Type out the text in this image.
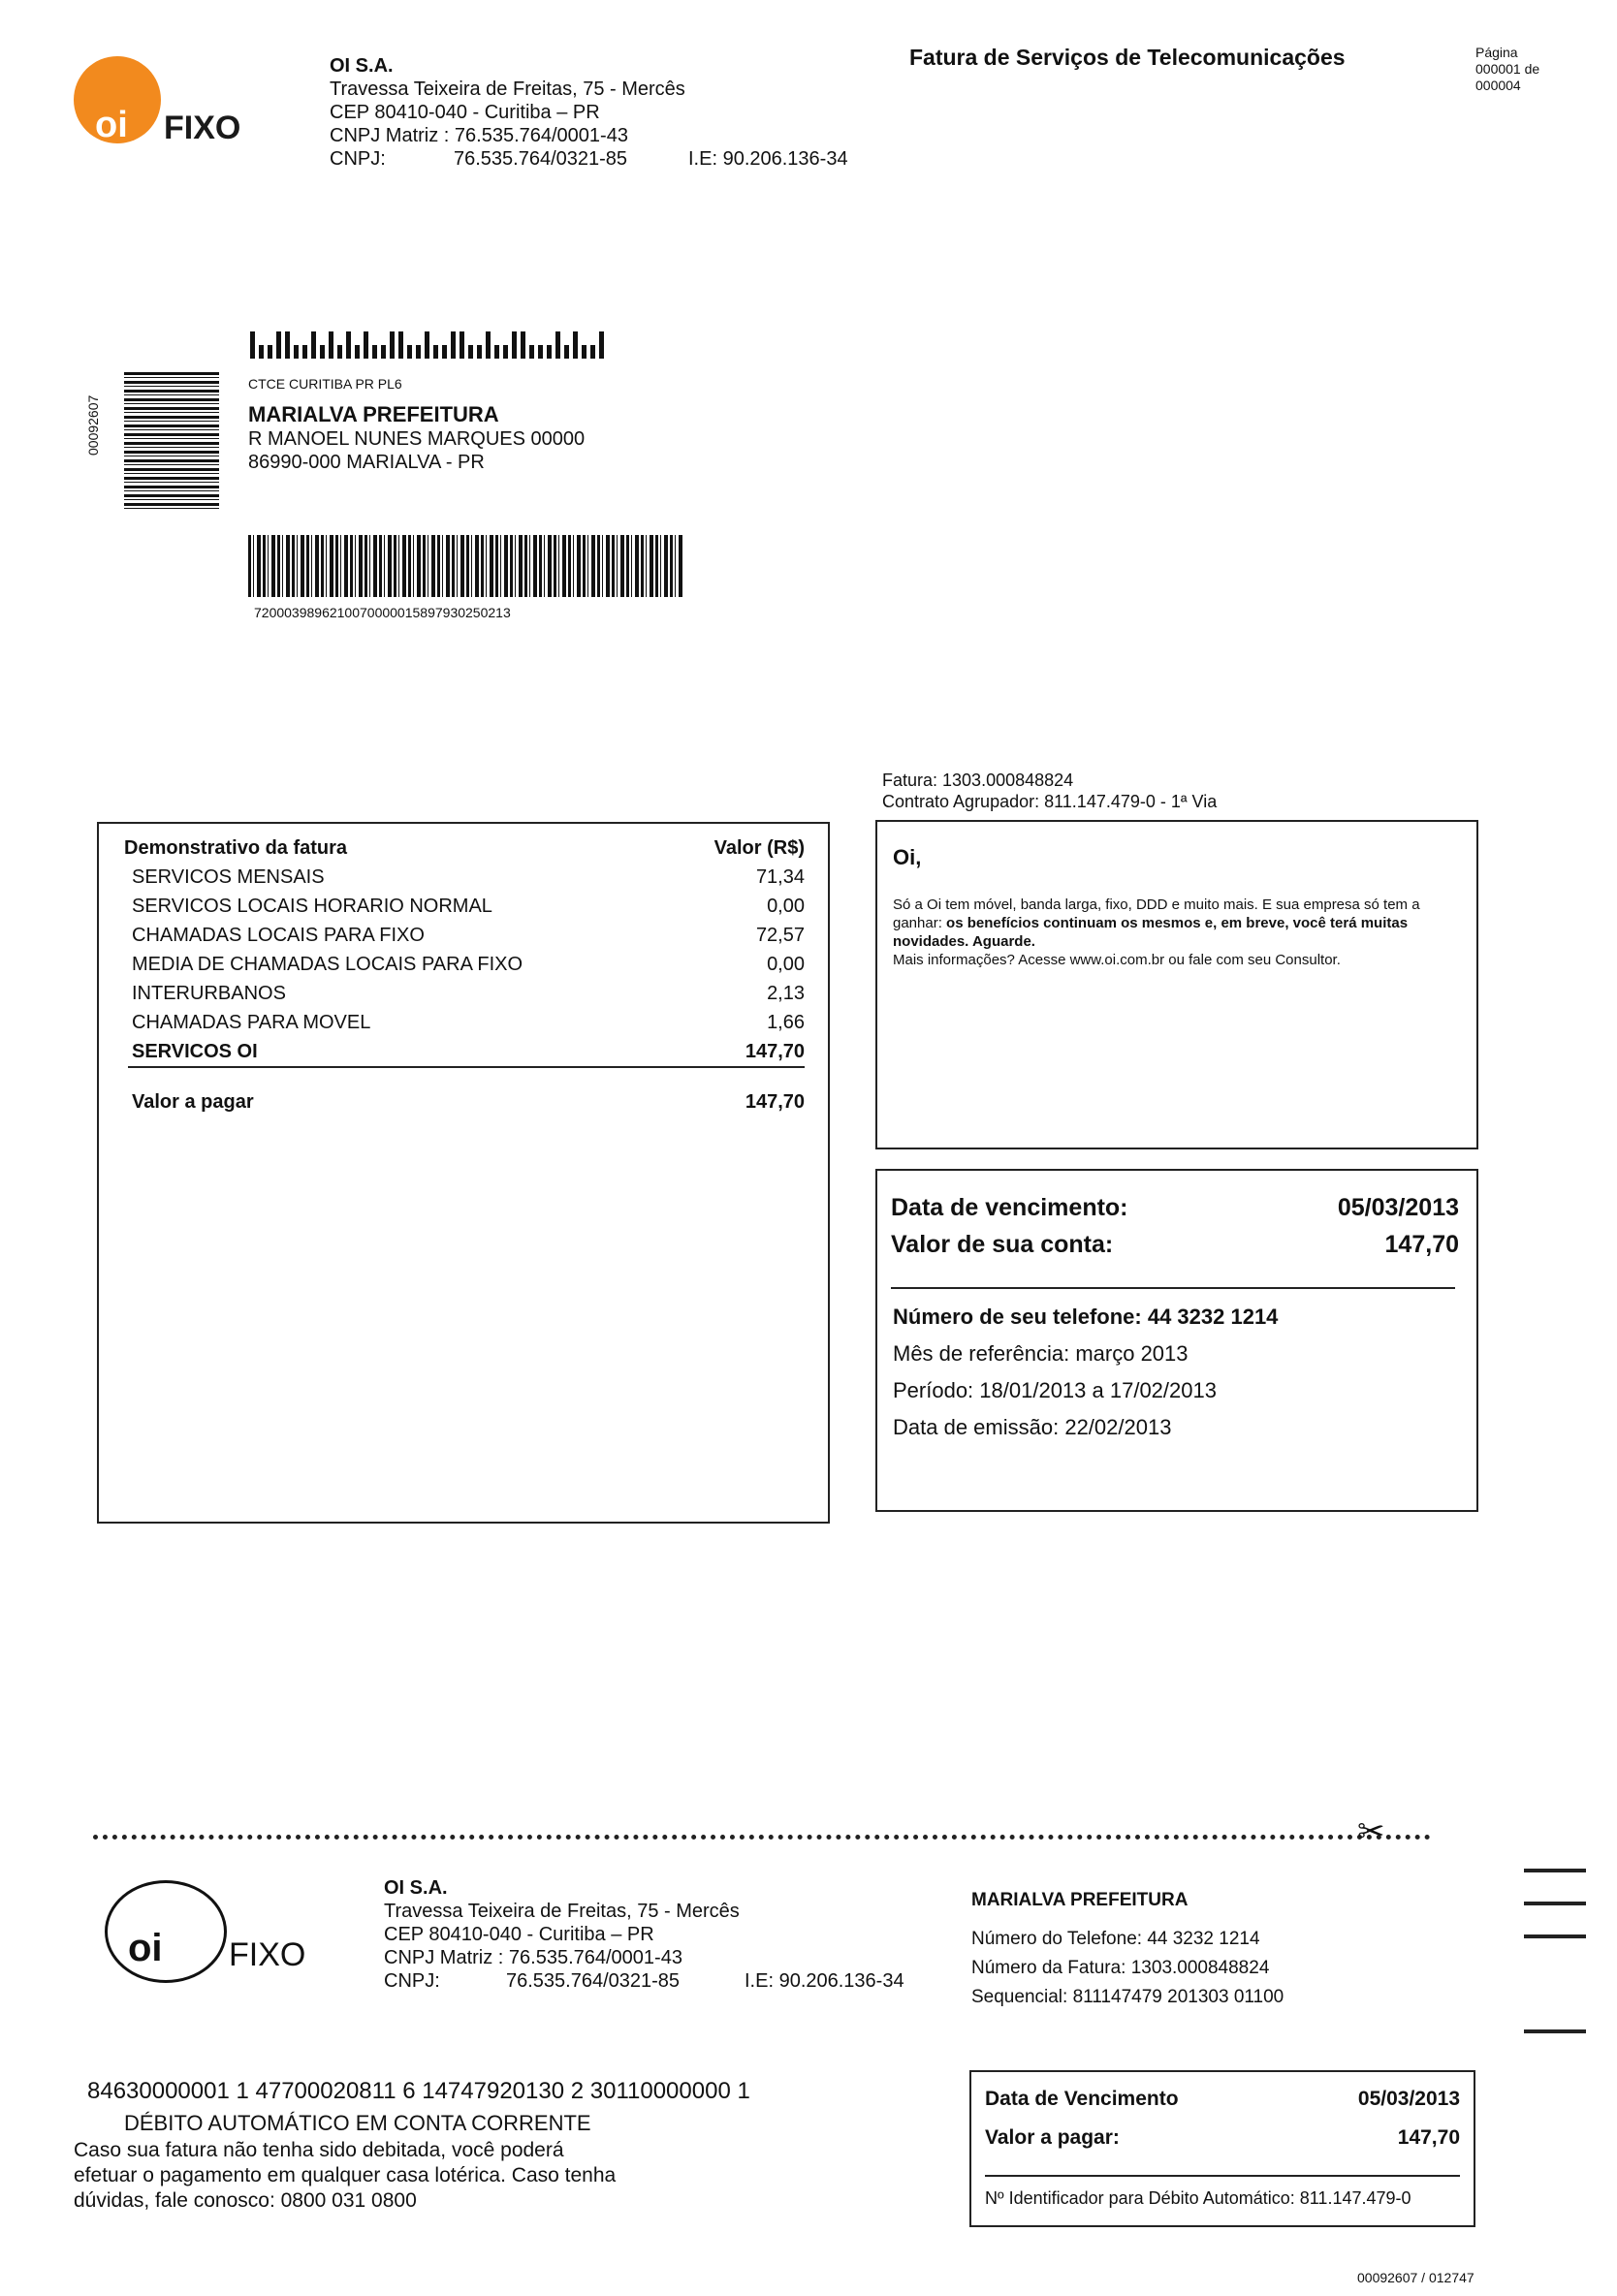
oi FIXO
OI S.A.
Travessa Teixeira de Freitas, 75 - Mercês
CEP 80410-040 - Curitiba – PR
CNPJ Matriz : 76.535.764/0001-43
CNPJ:	76.535.764/0321-85	I.E: 90.206.136-34
Fatura de Serviços de Telecomunicações	Página
000001 de
000004
00092607
CTCE CURITIBA PR PL6
MARIALVA PREFEITURA
R MANOEL NUNES MARQUES 00000
86990-000 MARIALVA - PR
720003989621007000001589793025021​3
Fatura: 1303.000848824
Contrato Agrupador: 811.147.479-0 - 1ª Via
Demonstrativo da fatura	Valor (R$)
SERVICOS MENSAIS	71,34
SERVICOS LOCAIS HORARIO NORMAL	0,00
CHAMADAS LOCAIS PARA FIXO	72,57
MEDIA DE CHAMADAS LOCAIS PARA FIXO	0,00
INTERURBANOS	2,13
CHAMADAS PARA MOVEL	1,66
SERVICOS OI	147,70
Valor a pagar	147,70
Oi,
Só a Oi tem móvel, banda larga, fixo, DDD e muito mais. E sua empresa só tem a ganhar: os benefícios continuam os mesmos e, em breve, você terá muitas novidades. Aguarde.
Mais informações? Acesse www.oi.com.br ou fale com seu Consultor.
Data de vencimento:	05/03/2013
Valor de sua conta:	147,70
Número de seu telefone: 44 3232 1214
Mês de referência: março 2013
Período: 18/01/2013 a 17/02/2013
Data de emissão: 22/02/2013
✂
oi FIXO
OI S.A.
Travessa Teixeira de Freitas, 75 - Mercês
CEP 80410-040 - Curitiba – PR
CNPJ Matriz : 76.535.764/0001-43
CNPJ:	76.535.764/0321-85	I.E: 90.206.136-34
MARIALVA PREFEITURA
Número do Telefone: 44 3232 1214
Número da Fatura: 1303.000848824
Sequencial: 811147479 201303 01100
84630000001 1 47700020811 6 14747920130 2 30110000000 1
DÉBITO AUTOMÁTICO EM CONTA CORRENTE
Caso sua fatura não tenha sido debitada, você poderá
efetuar o pagamento em qualquer casa lotérica. Caso tenha
dúvidas, fale conosco: 0800 031 0800
Data de Vencimento	05/03/2013
Valor a pagar:	147,70
Nº Identificador para Débito Automático: 811.147.479-0
00092607 / 012747
